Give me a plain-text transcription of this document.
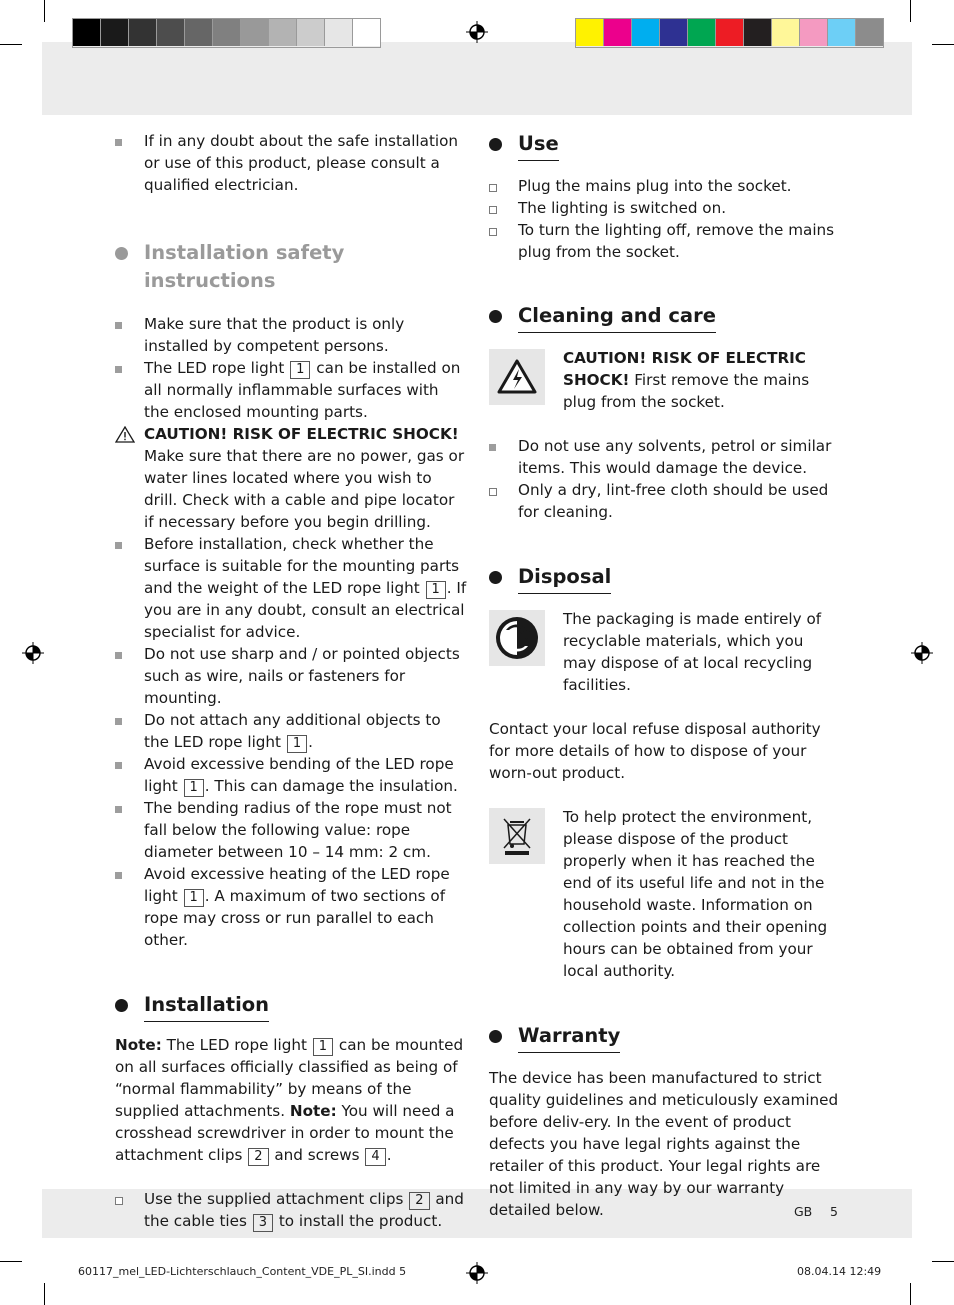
If in any doubt about the safe installation or use of this product, please consult a qualified electrician.
Installation safety instructions
Make sure that the product is only installed by competent persons.
The LED rope light 1 can be installed on all normally inflammable surfaces with the enclosed mounting parts.
CAUTION! RISK OF ELECTRIC SHOCK! Make sure that there are no power, gas or water lines located where you wish to drill. Check with a cable and pipe locator if necessary before you begin drilling.
Before installation, check whether the surface is suitable for the mounting parts and the weight of the LED rope light 1 . If you are in any doubt, consult an electrical specialist for advice.
Do not use sharp and / or pointed objects such as wire, nails or fasteners for mounting.
Do not attach any additional objects to the LED rope light 1 .
Avoid excessive bending of the LED rope light 1 . This can damage the insulation.
The bending radius of the rope must not fall below the following value: rope diameter between 10 – 14 mm: 2 cm.
Avoid excessive heating of the LED rope light 1 . A maximum of two sections of rope may cross or run parallel to each other.
Installation
Note: The LED rope light 1 can be mounted on all surfaces officially classified as being of “normal flammability” by means of the supplied attachments. Note: You will need a crosshead screwdriver in order to mount the attachment clips 2 and screws 4 .
Use the supplied attachment clips 2 and the cable ties 3 to install the product.
Use
Plug the mains plug into the socket.
The lighting is switched on.
To turn the lighting off, remove the mains plug from the socket.
Cleaning and care
CAUTION! RISK OF ELECTRIC SHOCK! First remove the mains plug from the socket.
Do not use any solvents, petrol or similar items. This would damage the device.
Only a dry, lint-free cloth should be used for cleaning.
Disposal
The packaging is made entirely of recyclable materials, which you may dispose of at local recycling facilities.
Contact your local refuse disposal authority for more details of how to dispose of your worn-out product.
To help protect the environment, please dispose of the product properly when it has reached the end of its useful life and not in the household waste. Information on collection points and their opening hours can be obtained from your local authority.
Warranty
The device has been manufactured to strict quality guidelines and meticulously examined before deliv-ery. In the event of product defects you have legal rights against the retailer of this product. Your legal rights are not limited in any way by our warranty detailed below.	GB 5
60117_mel_LED-Lichterschlauch_Content_VDE_PL_SI.indd 5	08.04.14 12:49
